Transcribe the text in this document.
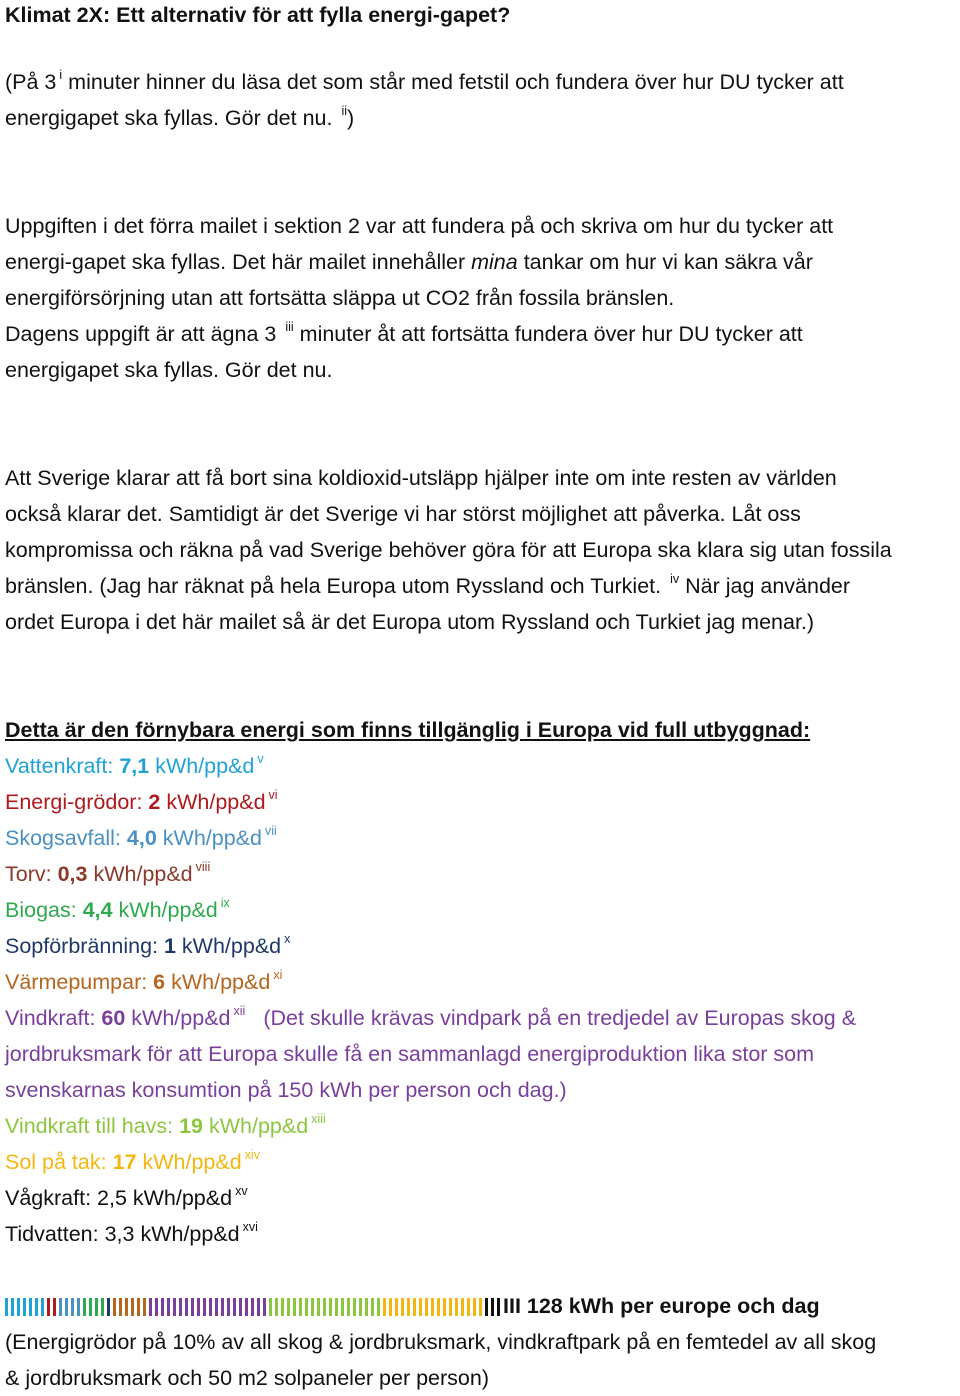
Klimat 2X: Ett alternativ för att fylla energi-gapet?
(På 3 $^i$ minuter hinner du läsa det som står med fetstil och fundera över hur DU tycker att
energigapet ska fyllas. Gör det nu. $^{ii}$)
Uppgiften i det förra mailet i sektion 2 var att fundera på och skriva om hur du tycker att
energi-gapet ska fyllas. Det här mailet innehåller mina tankar om hur vi kan säkra vår
energiförsörjning utan att fortsätta släppa ut CO2 från fossila bränslen.
Dagens uppgift är att ägna 3 $^{iii}$ minuter åt att fortsätta fundera över hur DU tycker att
energigapet ska fyllas. Gör det nu.
Att Sverige klarar att få bort sina koldioxid-utsläpp hjälper inte om inte resten av världen
också klarar det. Samtidigt är det Sverige vi har störst möjlighet att påverka. Låt oss
kompromissa och räkna på vad Sverige behöver göra för att Europa ska klara sig utan fossila
bränslen. (Jag har räknat på hela Europa utom Ryssland och Turkiet. $^{iv}$ När jag använder
ordet Europa i det här mailet så är det Europa utom Ryssland och Turkiet jag menar.)
Detta är den förnybara energi som finns tillgänglig i Europa vid full utbyggnad:
Vattenkraft: 7,1 kWh/pp&d $^v$
Energi-grödor: 2 kWh/pp&d $^{vi}$
Skogsavfall: 4,0 kWh/pp&d $^{vii}$
Torv: 0,3 kWh/pp&d $^{viii}$
Biogas: 4,4 kWh/pp&d $^{ix}$
Sopförbränning: 1 kWh/pp&d $^x$
Värmepumpar: 6 kWh/pp&d $^{xi}$
Vindkraft: 60 kWh/pp&d $^{xii}$ (Det skulle krävas vindpark på en tredjedel av Europas skog &
jordbruksmark för att Europa skulle få en sammanlagd energiproduktion lika stor som
svenskarnas konsumtion på 150 kWh per person och dag.)
Vindkraft till havs: 19 kWh/pp&d $^{xiii}$
Sol på tak: 17 kWh/pp&d $^{xiv}$
Vågkraft: 2,5 kWh/pp&d $^{xv}$
Tidvatten: 3,3 kWh/pp&d $^{xvi}$
III 128 kWh per europe och dag
(Energigrödor på 10% av all skog & jordbruksmark, vindkraftpark på en femtedel av all skog
& jordbruksmark och 50 m2 solpaneler per person)
